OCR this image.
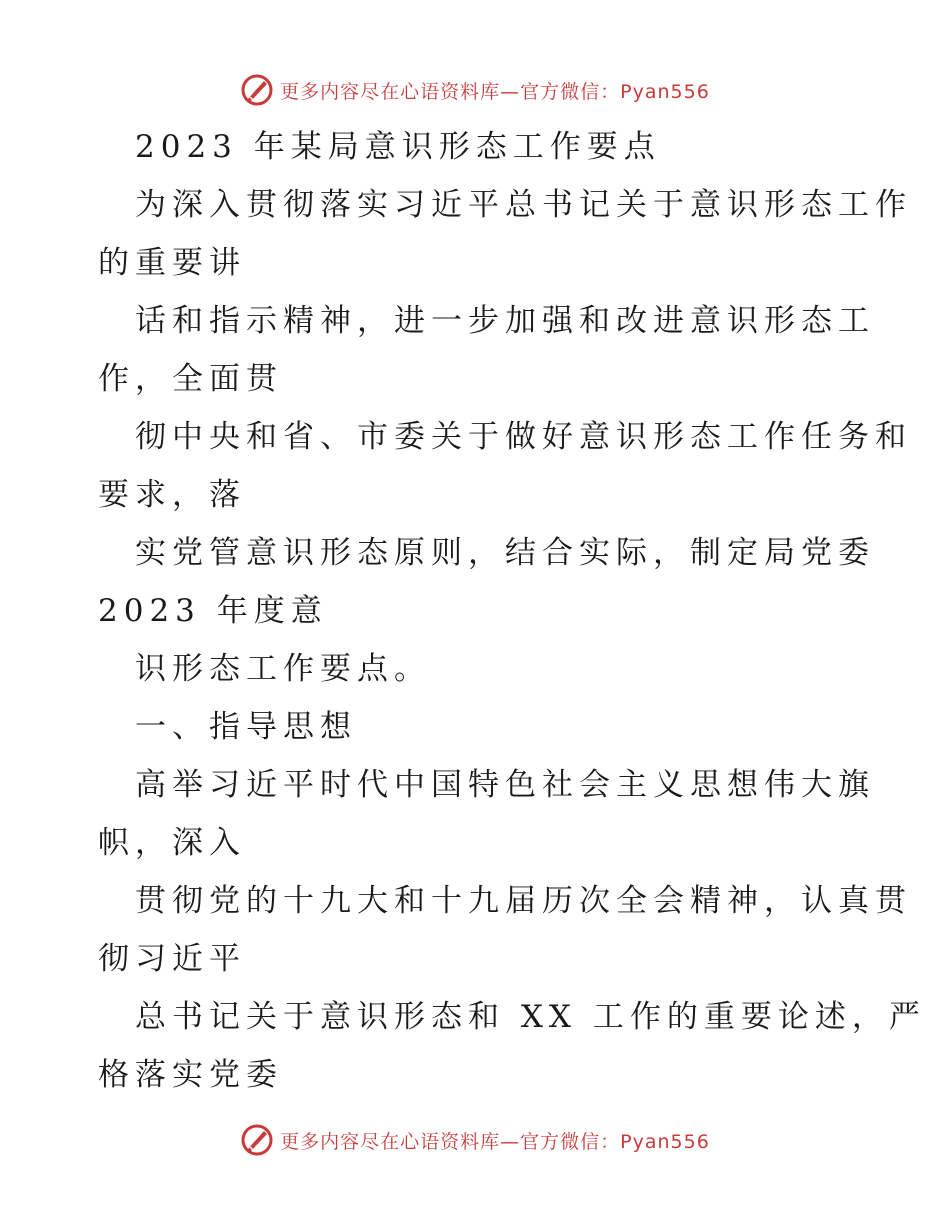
更多内容尽在心语资料库—官方微信：Pyan556
2023 年某局意识形态工作要点
为深入贯彻落实习近平总书记关于意识形态工作
的重要讲
话和指示精神，进一步加强和改进意识形态工
作，全面贯
彻中央和省、市委关于做好意识形态工作任务和
要求，落
实党管意识形态原则，结合实际，制定局党委
2023 年度意
识形态工作要点。
一、指导思想
高举习近平时代中国特色社会主义思想伟大旗
帜，深入
贯彻党的十九大和十九届历次全会精神，认真贯
彻习近平
总书记关于意识形态和 XX 工作的重要论述，严
格落实党委
更多内容尽在心语资料库—官方微信：Pyan556
